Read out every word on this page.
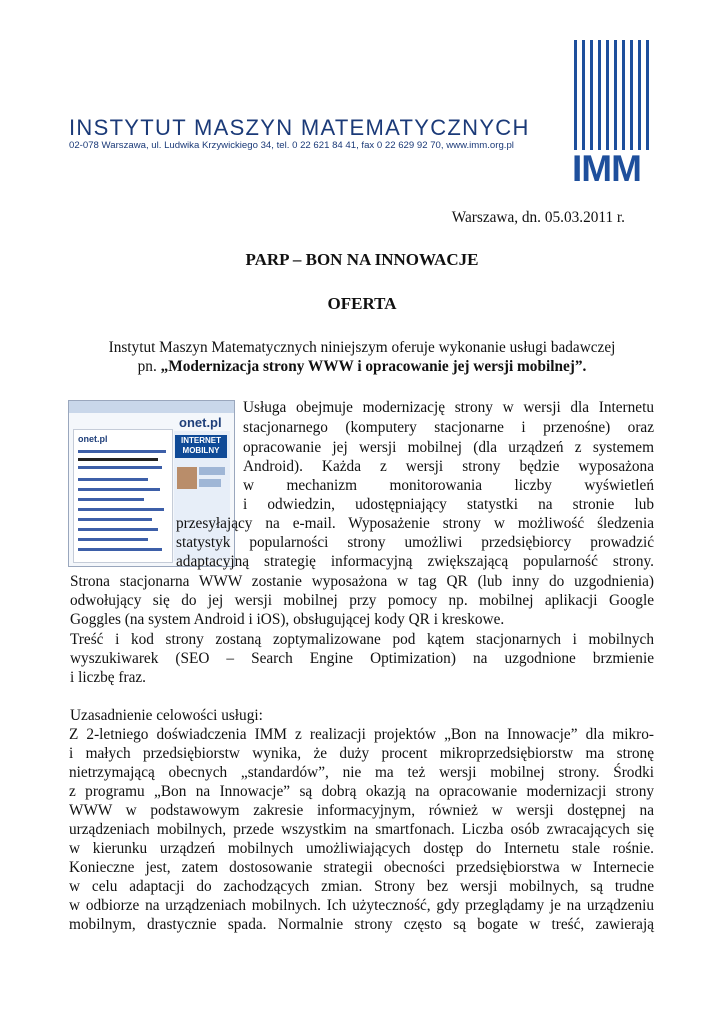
INSTYTUT MASZYN MATEMATYCZNYCH
02-078 Warszawa, ul. Ludwika Krzywickiego 34, tel. 0 22 621 84 41, fax 0 22 629 92 70, www.imm.org.pl
IMM
Warszawa, dn. 05.03.2011 r.
PARP – BON NA INNOWACJE
OFERTA
Instytut Maszyn Matematycznych niniejszym oferuje wykonanie usługi badawczej
pn. „Modernizacja strony WWW i opracowanie jej wersji mobilnej”.
onet.pl
onet.pl	INTERNET MOBILNY
Usługa obejmuje modernizację strony w wersji dla Internetu
stacjonarnego (komputery stacjonarne i przenośne) oraz
opracowanie jej wersji mobilnej (dla urządzeń z systemem
Android). Każda z wersji strony będzie wyposażona
w mechanizm monitorowania liczby wyświetleń
i odwiedzin, udostępniający statystki na stronie lub
przesyłający na e-mail. Wyposażenie strony w możliwość śledzenia
statystyk popularności strony umożliwi przedsiębiorcy prowadzić
adaptacyjną strategię informacyjną zwiększającą popularność strony.
Strona stacjonarna WWW zostanie wyposażona w tag QR (lub inny do uzgodnienia)
odwołujący się do jej wersji mobilnej przy pomocy np. mobilnej aplikacji Google
Goggles (na system Android i iOS), obsługującej kody QR i kreskowe.
Treść i kod strony zostaną zoptymalizowane pod kątem stacjonarnych i mobilnych
wyszukiwarek (SEO – Search Engine Optimization) na uzgodnione brzmienie
i liczbę fraz.
Uzasadnienie celowości usługi:
Z 2-letniego doświadczenia IMM z realizacji projektów „Bon na Innowacje” dla mikro-
i małych przedsiębiorstw wynika, że duży procent mikroprzedsiębiorstw ma stronę
nietrzymającą obecnych „standardów”, nie ma też wersji mobilnej strony. Środki
z programu „Bon na Innowacje” są dobrą okazją na opracowanie modernizacji strony
WWW w podstawowym zakresie informacyjnym, również w wersji dostępnej na
urządzeniach mobilnych, przede wszystkim na smartfonach. Liczba osób zwracających się
w kierunku urządzeń mobilnych umożliwiających dostęp do Internetu stale rośnie.
Konieczne jest, zatem dostosowanie strategii obecności przedsiębiorstwa w Internecie
w celu adaptacji do zachodzących zmian. Strony bez wersji mobilnych, są trudne
w odbiorze na urządzeniach mobilnych. Ich użyteczność, gdy przeglądamy je na urządzeniu
mobilnym, drastycznie spada. Normalnie strony często są bogate w treść, zawierają
